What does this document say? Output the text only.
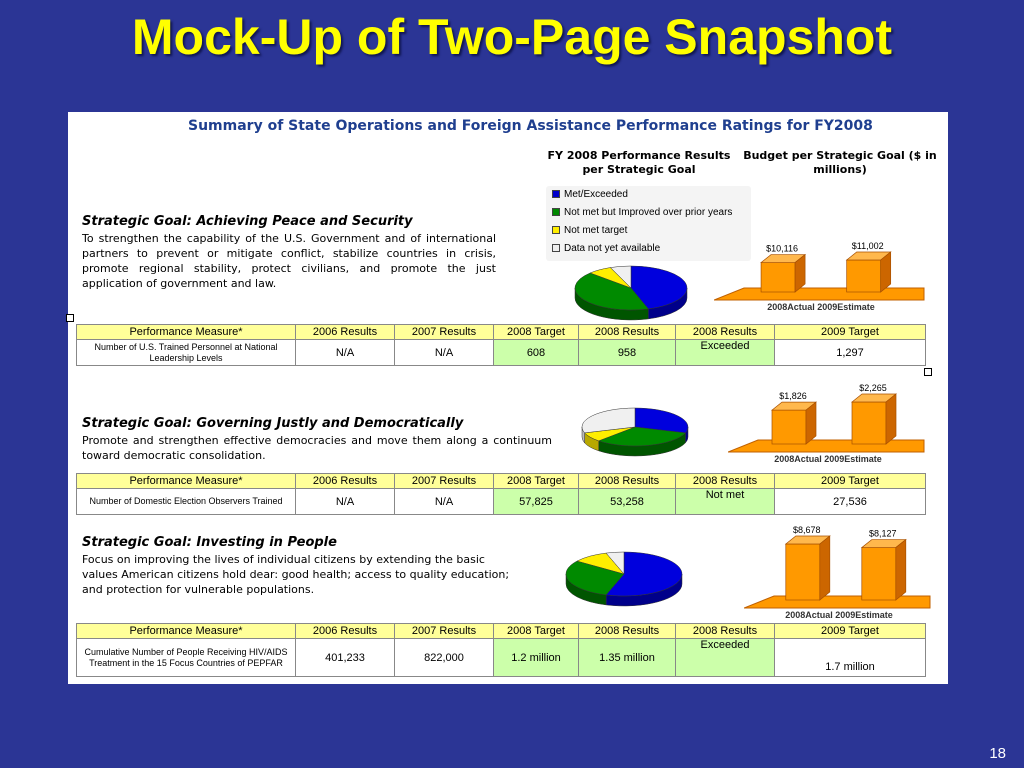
Mock-Up of Two-Page Snapshot
Summary of State Operations and Foreign Assistance Performance Ratings for FY2008
FY 2008 Performance Results per Strategic Goal
Budget per Strategic Goal ($ in millions)
Met/Exceeded
Not met but Improved over prior years
Not met target
Data not yet available
Strategic Goal: Achieving Peace and Security
To strengthen the capability of the U.S. Government and of international partners to prevent or mitigate conflict, stabilize countries in crisis, promote regional stability, protect civilians, and promote the just application of government and law.
2008Actual 2009Estimate
$10,116	$11,002
Performance Measure*	2006 Results	2007 Results	2008 Target	2008 Results	2008 Results	2009 Target
Number of U.S. Trained Personnel at National Leadership Levels	N/A	N/A	608	958	Exceeded	1,297
Strategic Goal: Governing Justly and Democratically
Promote and strengthen effective democracies and move them along a continuum toward democratic consolidation.	2008Actual 2009Estimate
$1,826
$2,265
Performance Measure*	2006 Results	2007 Results	2008 Target	2008 Results	2008 Results	2009 Target
Number of Domestic Election Observers Trained	N/A	N/A	57,825	53,258	Not met	27,536
Strategic Goal: Investing in People
Focus on improving the lives of individual citizens by extending the basic values American citizens hold dear: good health; access to quality education; and protection for vulnerable populations.
2008Actual 2009Estimate
$8,678	$8,127
Performance Measure*	2006 Results	2007 Results	2008 Target	2008 Results	2008 Results	2009 Target
Cumulative Number of People Receiving HIV/AIDS Treatment in the 15 Focus Countries of PEPFAR	401,233	822,000	1.2 million	1.35 million	Exceeded	1.7 million
18
